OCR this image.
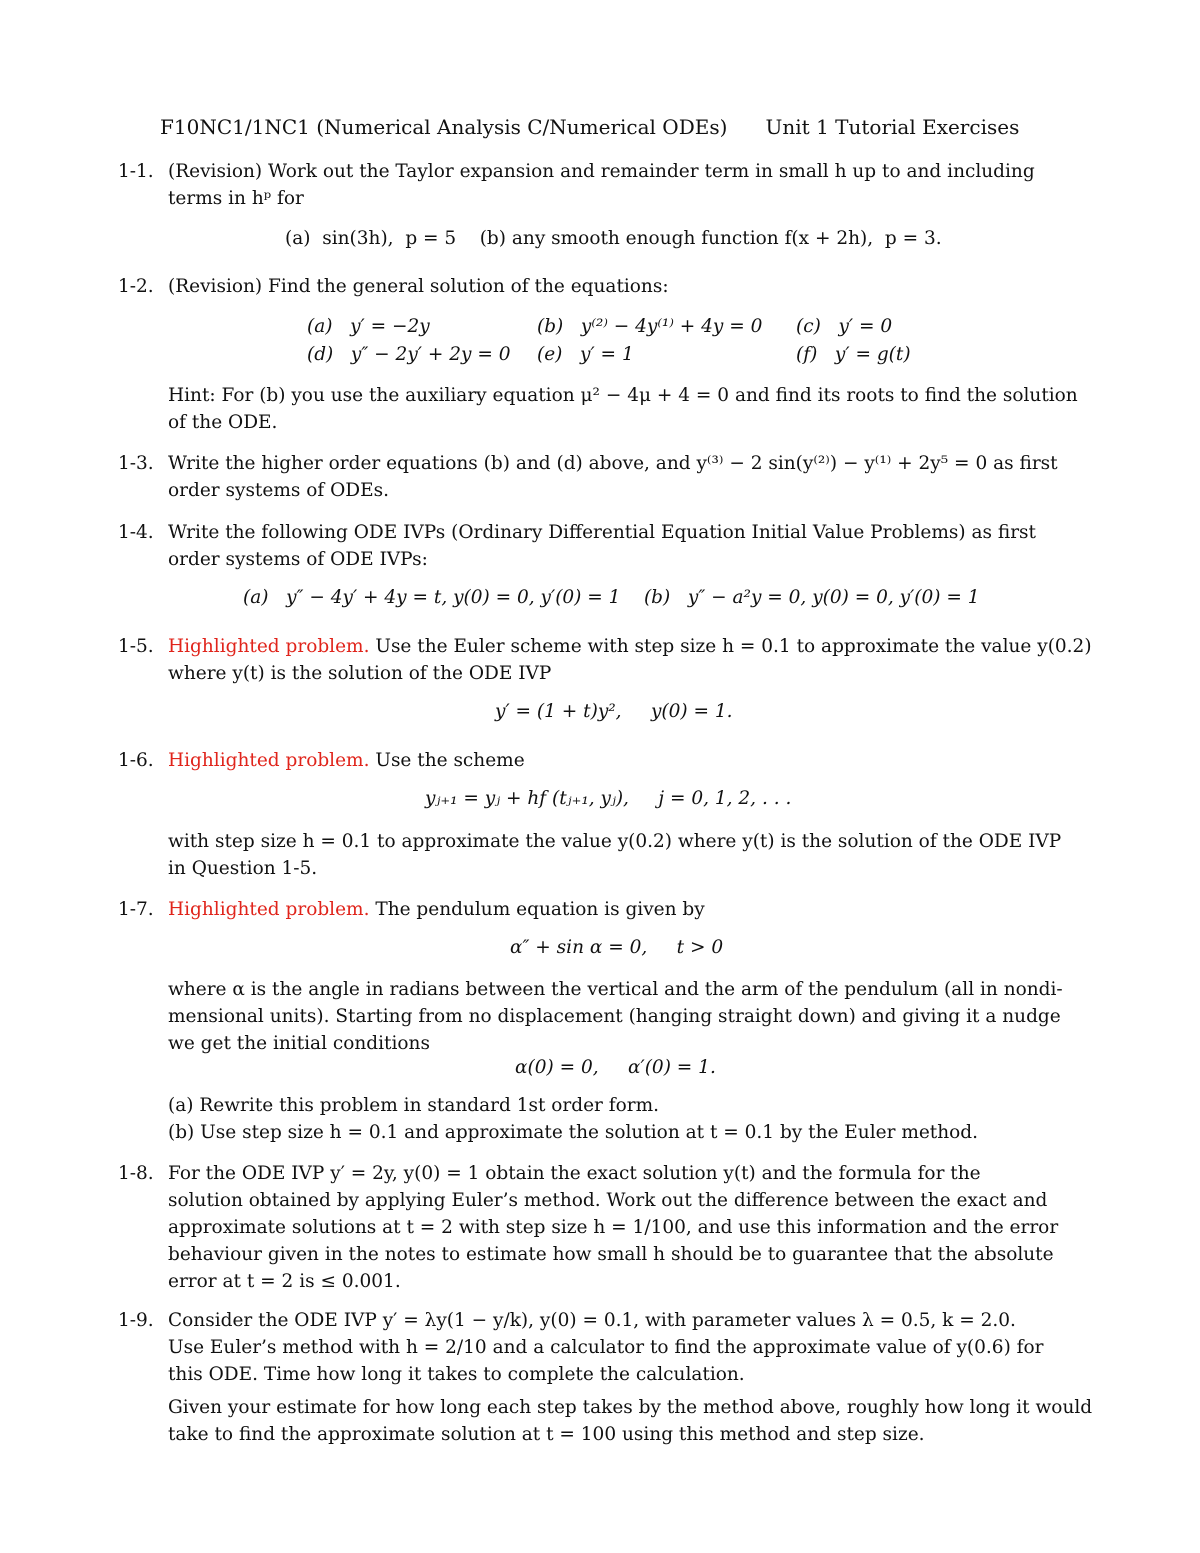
F10NC1/1NC1 (Numerical Analysis C/Numerical ODEs)      Unit 1 Tutorial Exercises
1-1. (Revision) Work out the Taylor expansion and remainder term in small h up to and including
terms in hᵖ for
(a)  sin(3h),  p = 5    (b) any smooth enough function f(x + 2h),  p = 3.
1-2. (Revision) Find the general solution of the equations:
(a)   y′ = −2y	(b)   y⁽²⁾ − 4y⁽¹⁾ + 4y = 0 (c)   y′ = 0
(d)   y″ − 2y′ + 2y = 0 (e)   y′ = 1	(f)   y′ = g(t)
Hint: For (b) you use the auxiliary equation μ² − 4μ + 4 = 0 and find its roots to find the solution
of the ODE.
1-3. Write the higher order equations (b) and (d) above, and y⁽³⁾ − 2 sin(y⁽²⁾) − y⁽¹⁾ + 2y⁵ = 0 as first
order systems of ODEs.
1-4. Write the following ODE IVPs (Ordinary Differential Equation Initial Value Problems) as first
order systems of ODE IVPs:
(a)   y″ − 4y′ + 4y = t, y(0) = 0, y′(0) = 1    (b)   y″ − a²y = 0, y(0) = 0, y′(0) = 1
1-5. Highlighted problem. Use the Euler scheme with step size h = 0.1 to approximate the value y(0.2)
where y(t) is the solution of the ODE IVP
y′ = (1 + t)y²,     y(0) = 1.
1-6. Highlighted problem. Use the scheme
yⱼ₊₁ = yⱼ + hf (tⱼ₊₁, yⱼ),     j = 0, 1, 2, . . .
with step size h = 0.1 to approximate the value y(0.2) where y(t) is the solution of the ODE IVP
in Question 1-5.
1-7. Highlighted problem. The pendulum equation is given by
α″ + sin α = 0,     t > 0
where α is the angle in radians between the vertical and the arm of the pendulum (all in nondi-
mensional units). Starting from no displacement (hanging straight down) and giving it a nudge
we get the initial conditions
α(0) = 0,     α′(0) = 1.
(a) Rewrite this problem in standard 1st order form.
(b) Use step size h = 0.1 and approximate the solution at t = 0.1 by the Euler method.
1-8. For the ODE IVP y′ = 2y, y(0) = 1 obtain the exact solution y(t) and the formula for the
solution obtained by applying Euler’s method. Work out the difference between the exact and
approximate solutions at t = 2 with step size h = 1/100, and use this information and the error
behaviour given in the notes to estimate how small h should be to guarantee that the absolute
error at t = 2 is ≤ 0.001.
1-9. Consider the ODE IVP y′ = λy(1 − y/k), y(0) = 0.1, with parameter values λ = 0.5, k = 2.0.
Use Euler’s method with h = 2/10 and a calculator to find the approximate value of y(0.6) for
this ODE. Time how long it takes to complete the calculation.
Given your estimate for how long each step takes by the method above, roughly how long it would
take to find the approximate solution at t = 100 using this method and step size.
